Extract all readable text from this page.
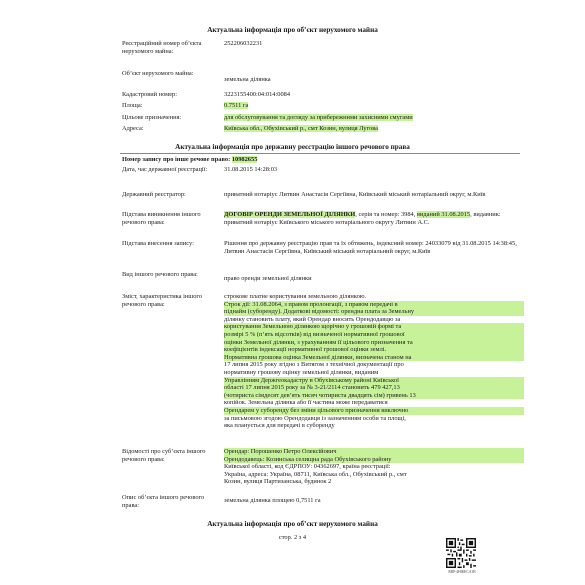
Актуальна інформація про об’єкт нерухомого майна
Реєстраційний номер об’єкта нерухомого майна:
252206032231
Об’єкт нерухомого майна:
земельна ділянка
Кадастровий номер:	3223155400:04:014:0084
Площа:	0.7511 га
Цільове призначення:	для обслуговування та догляду за прибережними захисними смугами
Адреса:	Київська обл., Обухівський р., смт Козин, вулиця Лугова
Актуальна інформація про державну реєстрацію іншого речового права
Номер запису про інше речове право: 10982655
Дата, час державної реєстрації:	31.08.2015 14:28:03
Державний реєстратор:	приватний нотаріус Литвин Анастасія Сергіївна, Київський міський нотаріальний округ, м.Київ
Підстава виникнення іншого речового права:
ДОГОВІР ОРЕНДИ ЗЕМЕЛЬНОЇ ДІЛЯНКИ, серія та номер: 3984, виданий 31.08.2015, видавник: приватний нотаріус Київського міського нотаріального округу Литвин А.С.
Підстава внесення запису:	Рішення про державну реєстрацію прав та їх обтяжень, індексний номер: 24033079 від 31.08.2015 14:38:45, Литвин Анастасія Сергіївна, Київський міський нотаріальний округ, м.Київ
Вид іншого речового права:
право оренди земельної ділянки
Зміст, характеристика іншого речового права:
строкове платне користування земельною ділянкою.
Строк дії: 31.08.2064, з правом пролонгації, з правом передачі в
піднайм (суборенду). Додаткові відомості: орендна плата за Земельну
ділянку становить плату, який Орендар вносить Орендодавцю за
користування Земельною ділянкою щорічно у грошовій формі та
розмірі 5 % (п’ять відсотків) від визначеної нормативної грошової
оцінки Земельної ділянки, з урахуванням її цільового призначення та
коефіцієнтів індексації нормативної грошової оцінки землі.
Нормативна грошова оцінка Земельної ділянки, визначена станом на
17 липня 2015 року згідно з Витягом з технічної документації про
нормативну грошову оцінку земельної ділянки, виданим
Управлінням Держгеокадастру в Обухівському районі Київської
області 17 липня 2015 року за № 3-21/2114 становить 479 427,13
(чотириста сімдесят дев’ять тисяч чотириста двадцять сім) гривень 13
копійок. Земельна ділянка або її частина може передаватися
Орендарем у суборенду без зміни цільового призначення виключно
за письмовою згодою Орендодавця із зазначенням особи та площі,
яка планується для передачі в суборенду
Відомості про суб’єкта іншого речового права:
Орендар: Порошенко Петро Олексійович
Орендодавець: Козинська селищна рада Обухівського району
Київської області, код ЄДРПОУ: 04362697, країна реєстрації:
Україна, адреса: Україна, 08711, Київська обл., Обухівський р., смт
Козин, вулиця Партизанська, будинок 2
Опис об’єкта іншого речового права:
земельна ділянка площею 0,7511 га
Актуальна інформація про об’єкт нерухомого майна
стор. 2 з 4
RRP-4H00ECA1B
